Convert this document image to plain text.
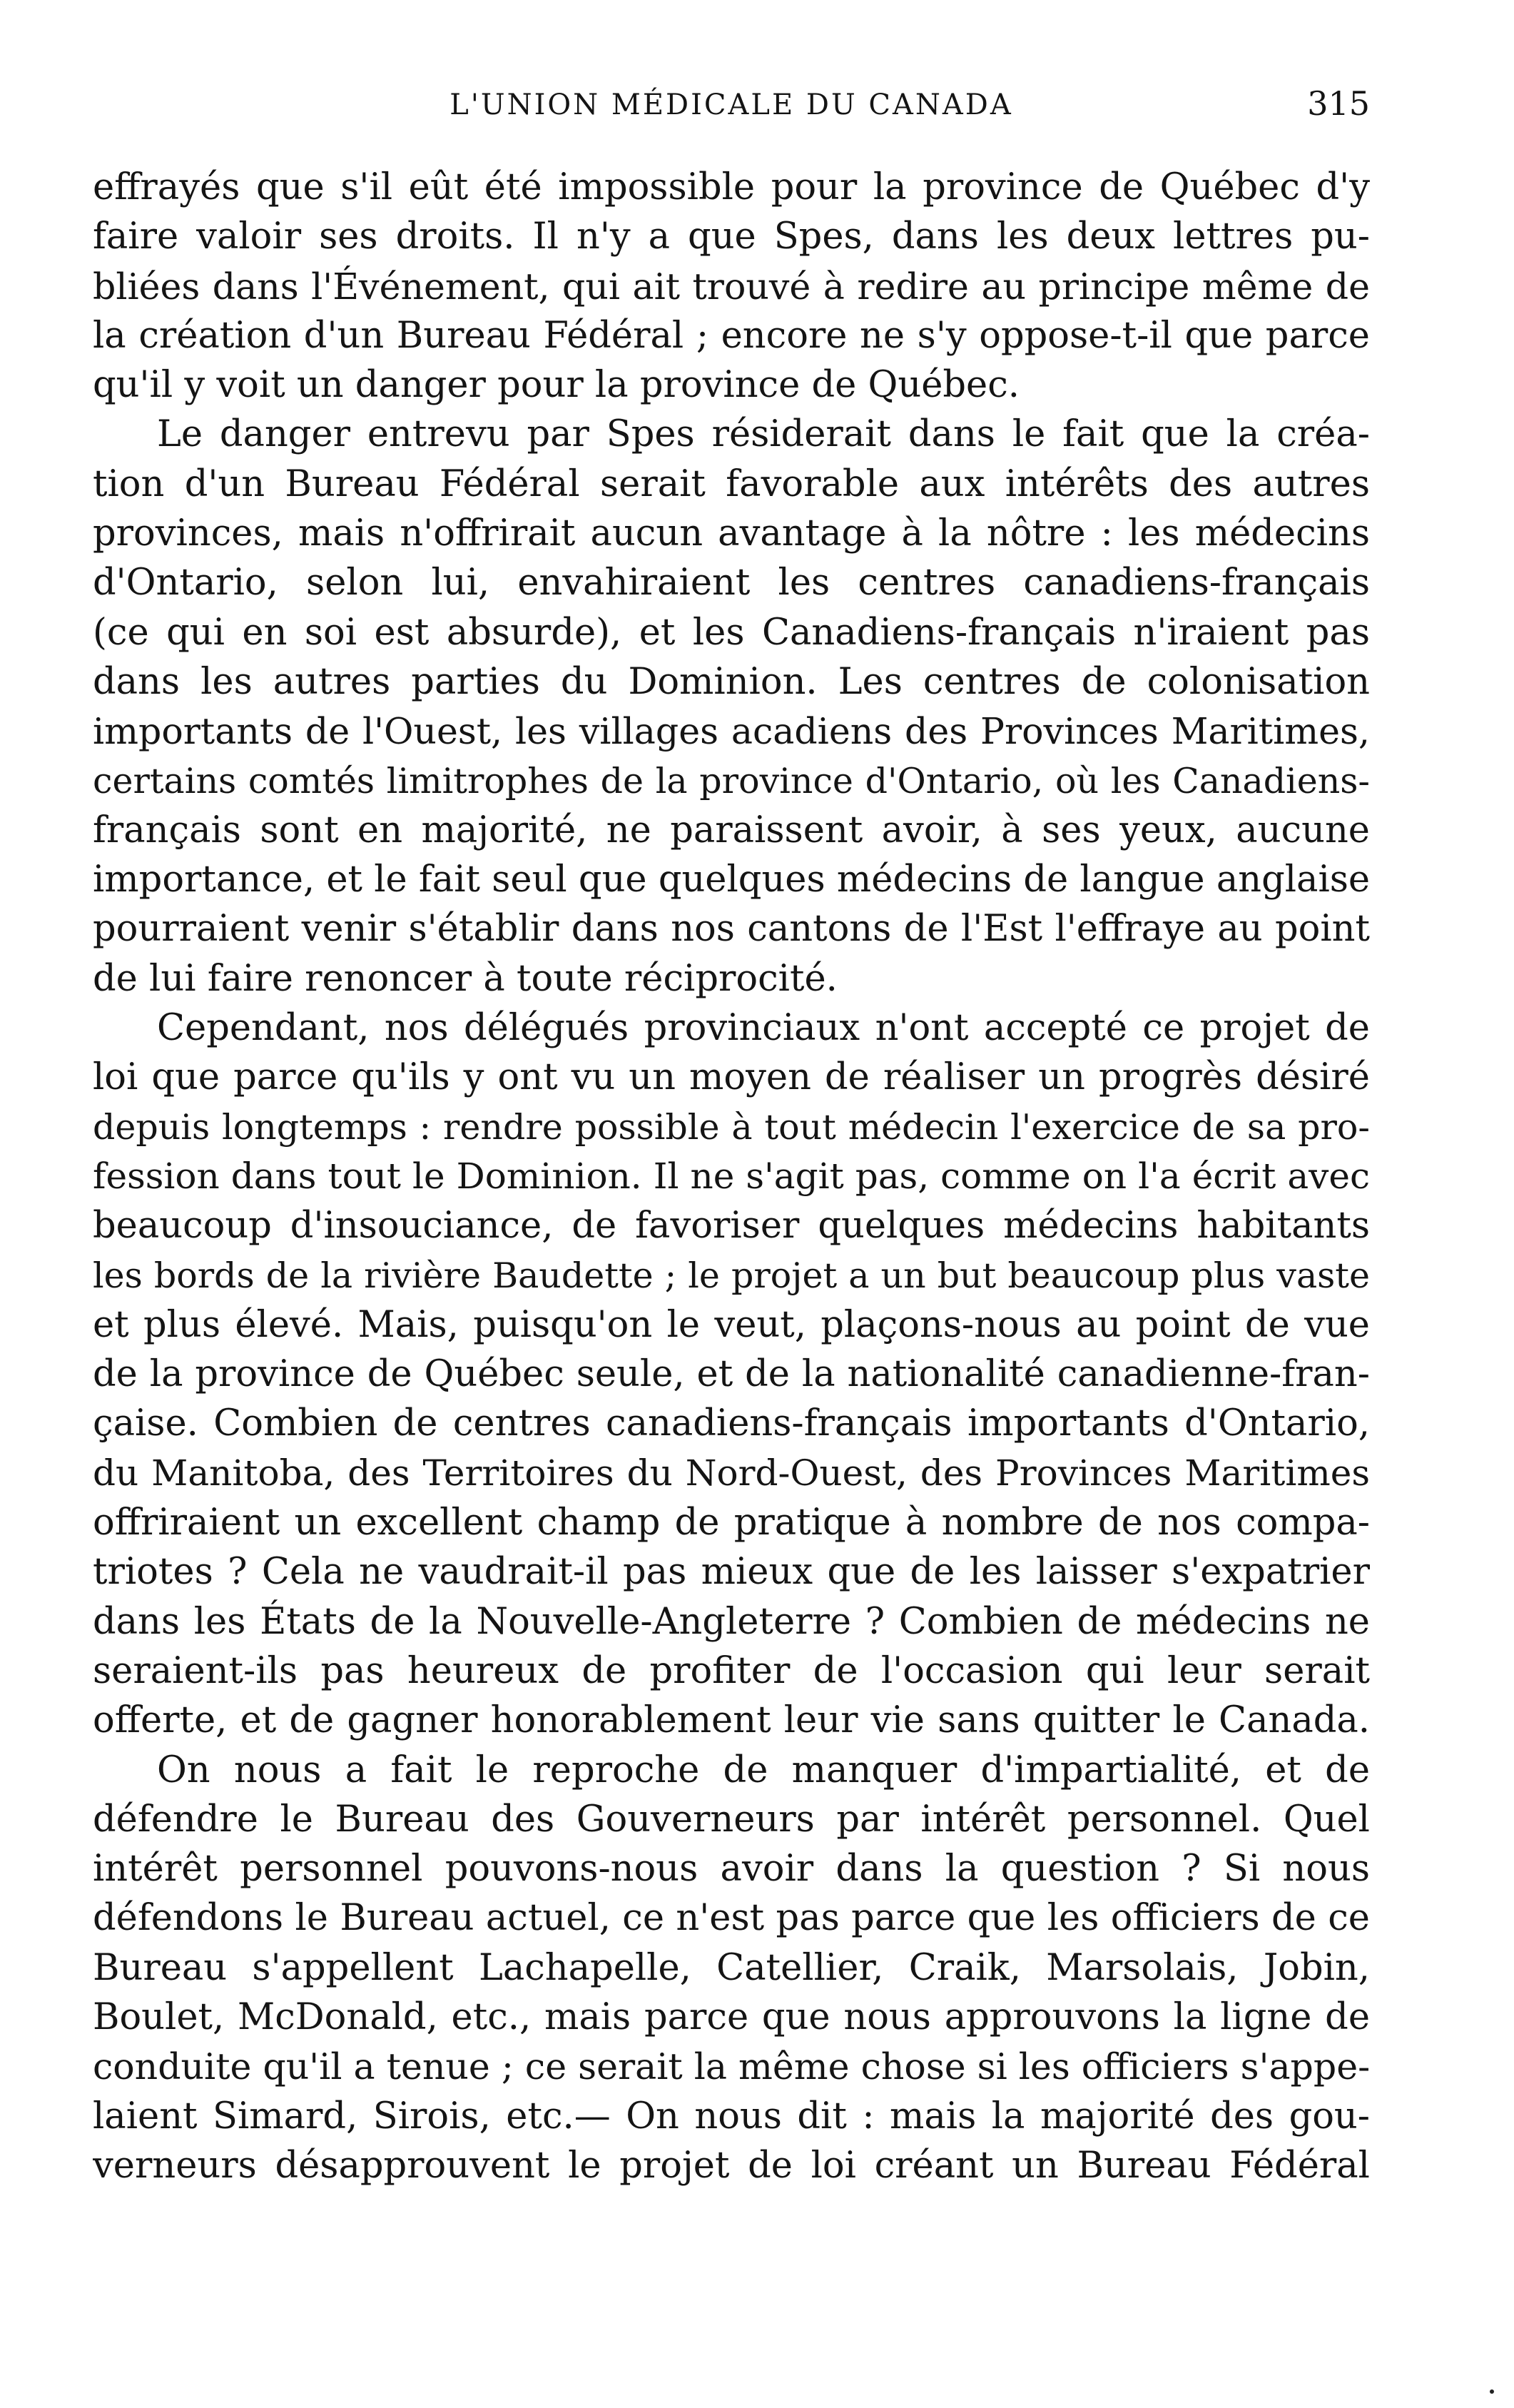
L'UNION MÉDICALE DU CANADA	315
effrayés que s'il eût été impossible pour la province de Québec d'y
faire valoir ses droits. Il n'y a que Spes, dans les deux lettres pu-
bliées dans l'Événement, qui ait trouvé à redire au principe même de
la création d'un Bureau Fédéral ; encore ne s'y oppose-t-il que parce
qu'il y voit un danger pour la province de Québec.
Le danger entrevu par Spes résiderait dans le fait que la créa-
tion d'un Bureau Fédéral serait favorable aux intérêts des autres
provinces, mais n'offrirait aucun avantage à la nôtre : les médecins
d'Ontario, selon lui, envahiraient les centres canadiens-français
(ce qui en soi est absurde), et les Canadiens-français n'iraient pas
dans les autres parties du Dominion. Les centres de colonisation
importants de l'Ouest, les villages acadiens des Provinces Maritimes,
certains comtés limitrophes de la province d'Ontario, où les Canadiens-
français sont en majorité, ne paraissent avoir, à ses yeux, aucune
importance, et le fait seul que quelques médecins de langue anglaise
pourraient venir s'établir dans nos cantons de l'Est l'effraye au point
de lui faire renoncer à toute réciprocité.
Cependant, nos délégués provinciaux n'ont accepté ce projet de
loi que parce qu'ils y ont vu un moyen de réaliser un progrès désiré
depuis longtemps : rendre possible à tout médecin l'exercice de sa pro-
fession dans tout le Dominion. Il ne s'agit pas, comme on l'a écrit avec
beaucoup d'insouciance, de favoriser quelques médecins habitants
les bords de la rivière Baudette ; le projet a un but beaucoup plus vaste
et plus élevé. Mais, puisqu'on le veut, plaçons-nous au point de vue
de la province de Québec seule, et de la nationalité canadienne-fran-
çaise. Combien de centres canadiens-français importants d'Ontario,
du Manitoba, des Territoires du Nord-Ouest, des Provinces Maritimes
offriraient un excellent champ de pratique à nombre de nos compa-
triotes ? Cela ne vaudrait-il pas mieux que de les laisser s'expatrier
dans les États de la Nouvelle-Angleterre ? Combien de médecins ne
seraient-ils pas heureux de profiter de l'occasion qui leur serait
offerte, et de gagner honorablement leur vie sans quitter le Canada.
On nous a fait le reproche de manquer d'impartialité, et de
défendre le Bureau des Gouverneurs par intérêt personnel. Quel
intérêt personnel pouvons-nous avoir dans la question ? Si nous
défendons le Bureau actuel, ce n'est pas parce que les officiers de ce
Bureau s'appellent Lachapelle, Catellier, Craik, Marsolais, Jobin,
Boulet, McDonald, etc., mais parce que nous approuvons la ligne de
conduite qu'il a tenue ; ce serait la même chose si les officiers s'appe-
laient Simard, Sirois, etc.— On nous dit : mais la majorité des gou-
verneurs désapprouvent le projet de loi créant un Bureau Fédéral
